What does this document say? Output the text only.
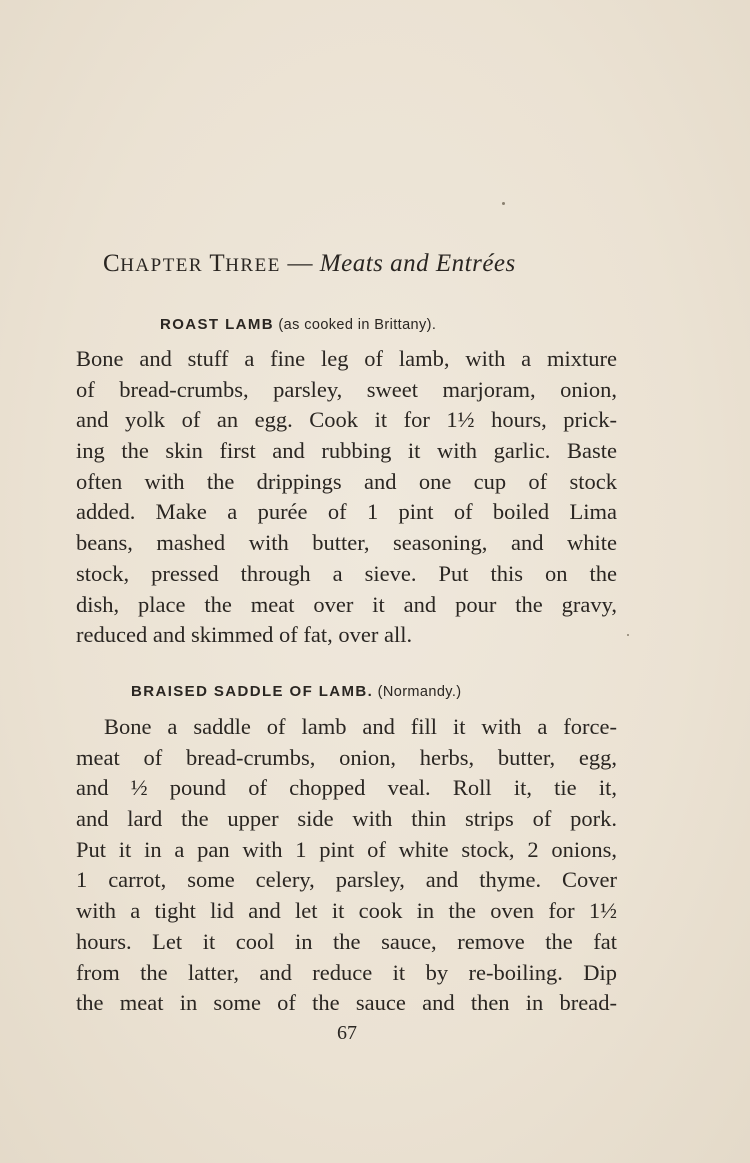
CHAPTER THREE — Meats and Entrées
ROAST LAMB (as cooked in Brittany).
Bone and stuff a fine leg of lamb, with a mixture
of bread-crumbs, parsley, sweet marjoram, onion,
and yolk of an egg. Cook it for 1½ hours, prick-
ing the skin first and rubbing it with garlic. Baste
often with the drippings and one cup of stock
added. Make a purée of 1 pint of boiled Lima
beans, mashed with butter, seasoning, and white
stock, pressed through a sieve. Put this on the
dish, place the meat over it and pour the gravy,
reduced and skimmed of fat, over all.
BRAISED SADDLE OF LAMB. (Normandy.)
Bone a saddle of lamb and fill it with a force-
meat of bread-crumbs, onion, herbs, butter, egg,
and ½ pound of chopped veal. Roll it, tie it,
and lard the upper side with thin strips of pork.
Put it in a pan with 1 pint of white stock, 2 onions,
1 carrot, some celery, parsley, and thyme. Cover
with a tight lid and let it cook in the oven for 1½
hours. Let it cool in the sauce, remove the fat
from the latter, and reduce it by re-boiling. Dip
the meat in some of the sauce and then in bread-
67
